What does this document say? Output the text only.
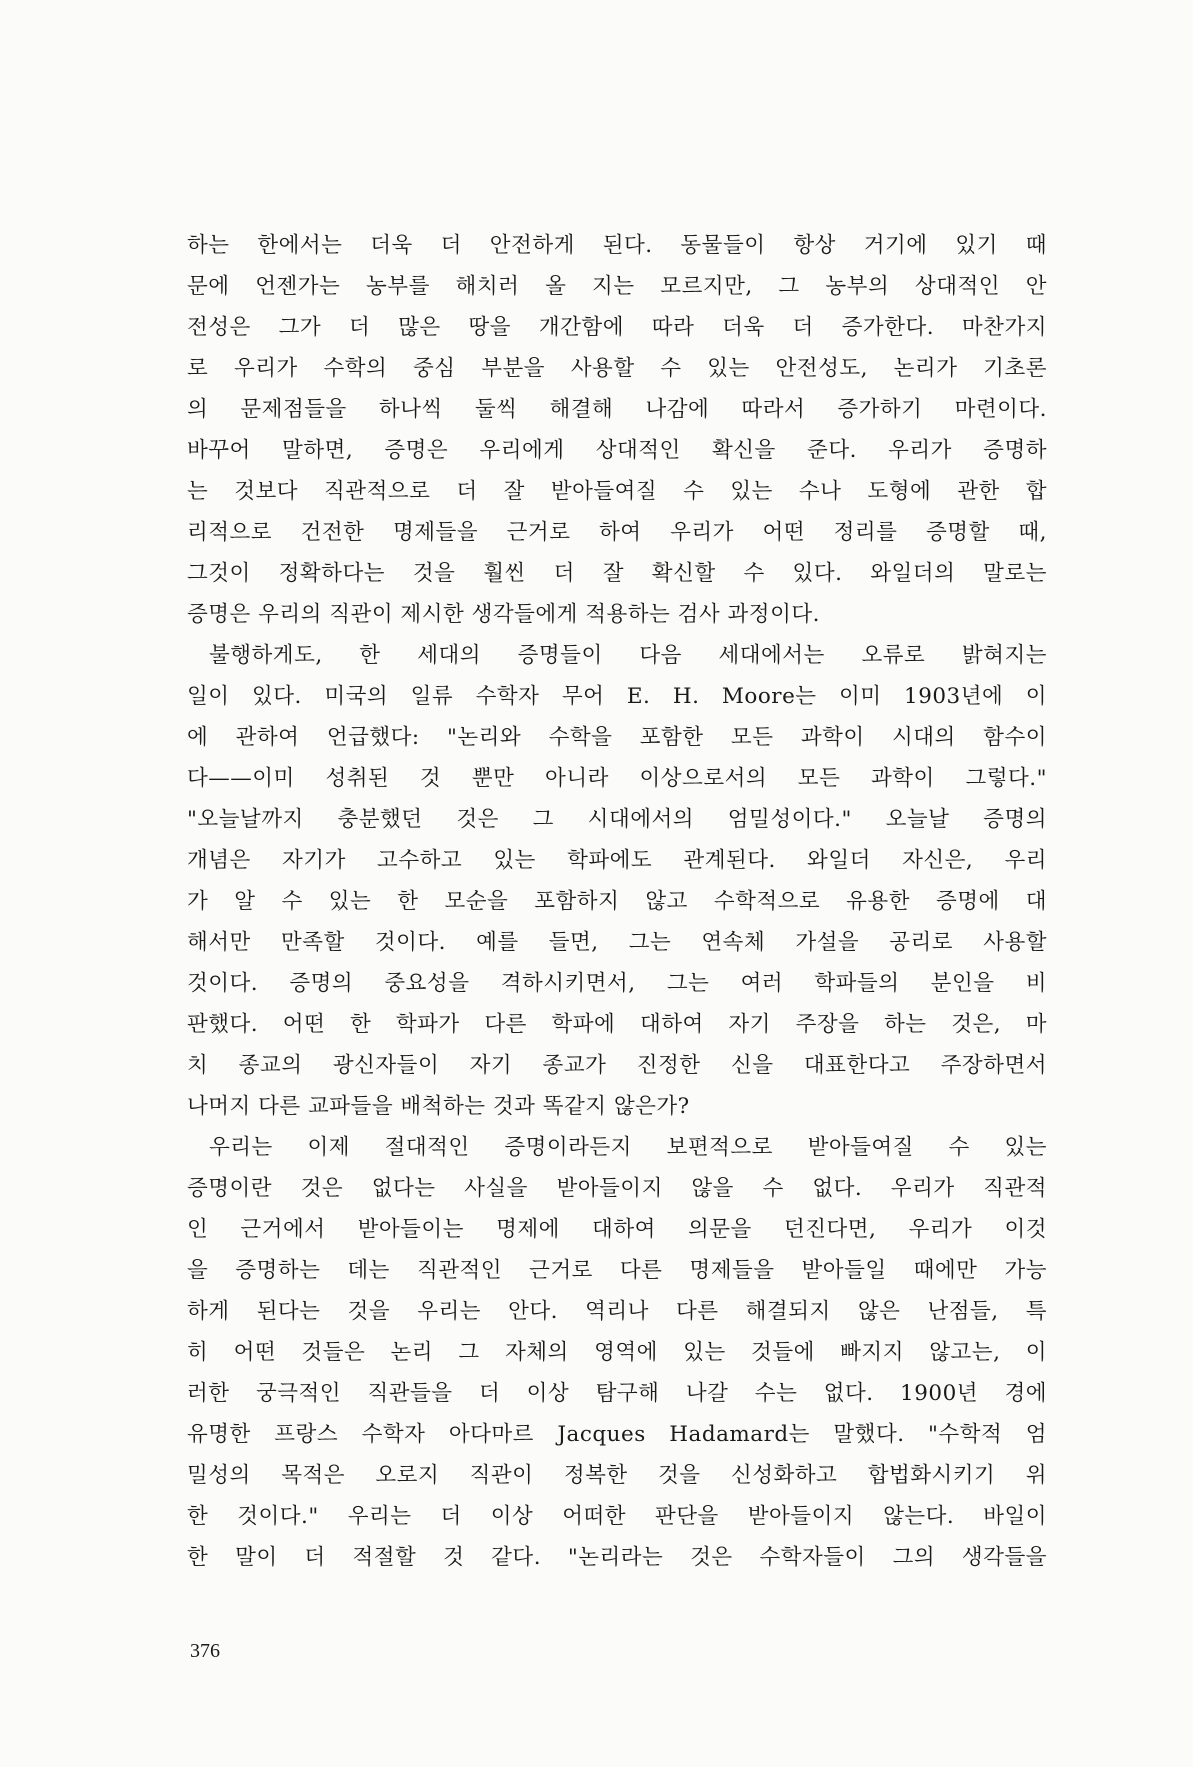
하는 한에서는 더욱 더 안전하게 된다. 동물들이 항상 거기에 있기 때
문에 언젠가는 농부를 해치러 올 지는 모르지만, 그 농부의 상대적인 안
전성은 그가 더 많은 땅을 개간함에 따라 더욱 더 증가한다. 마찬가지
로 우리가 수학의 중심 부분을 사용할 수 있는 안전성도, 논리가 기초론
의 문제점들을 하나씩 둘씩 해결해 나감에 따라서 증가하기 마련이다.
바꾸어 말하면, 증명은 우리에게 상대적인 확신을 준다. 우리가 증명하
는 것보다 직관적으로 더 잘 받아들여질 수 있는 수나 도형에 관한 합
리적으로 건전한 명제들을 근거로 하여 우리가 어떤 정리를 증명할 때,
그것이 정확하다는 것을 훨씬 더 잘 확신할 수 있다. 와일더의 말로는
증명은 우리의 직관이 제시한 생각들에게 적용하는 검사 과정이다.
불행하게도, 한 세대의 증명들이 다음 세대에서는 오류로 밝혀지는
일이 있다. 미국의 일류 수학자 무어 E. H. Moore는 이미 1903년에 이
에 관하여 언급했다: "논리와 수학을 포함한 모든 과학이 시대의 함수이
다——이미 성취된 것 뿐만 아니라 이상으로서의 모든 과학이 그렇다."
"오늘날까지 충분했던 것은 그 시대에서의 엄밀성이다." 오늘날 증명의
개념은 자기가 고수하고 있는 학파에도 관계된다. 와일더 자신은, 우리
가 알 수 있는 한 모순을 포함하지 않고 수학적으로 유용한 증명에 대
해서만 만족할 것이다. 예를 들면, 그는 연속체 가설을 공리로 사용할
것이다. 증명의 중요성을 격하시키면서, 그는 여러 학파들의 분인을 비
판했다. 어떤 한 학파가 다른 학파에 대하여 자기 주장을 하는 것은, 마
치 종교의 광신자들이 자기 종교가 진정한 신을 대표한다고 주장하면서
나머지 다른 교파들을 배척하는 것과 똑같지 않은가?
우리는 이제 절대적인 증명이라든지 보편적으로 받아들여질 수 있는
증명이란 것은 없다는 사실을 받아들이지 않을 수 없다. 우리가 직관적
인 근거에서 받아들이는 명제에 대하여 의문을 던진다면, 우리가 이것
을 증명하는 데는 직관적인 근거로 다른 명제들을 받아들일 때에만 가능
하게 된다는 것을 우리는 안다. 역리나 다른 해결되지 않은 난점들, 특
히 어떤 것들은 논리 그 자체의 영역에 있는 것들에 빠지지 않고는, 이
러한 궁극적인 직관들을 더 이상 탐구해 나갈 수는 없다. 1900년 경에
유명한 프랑스 수학자 아다마르 Jacques Hadamard는 말했다. "수학적 엄
밀성의 목적은 오로지 직관이 정복한 것을 신성화하고 합법화시키기 위
한 것이다." 우리는 더 이상 어떠한 판단을 받아들이지 않는다. 바일이
한 말이 더 적절할 것 같다. "논리라는 것은 수학자들이 그의 생각들을
376
